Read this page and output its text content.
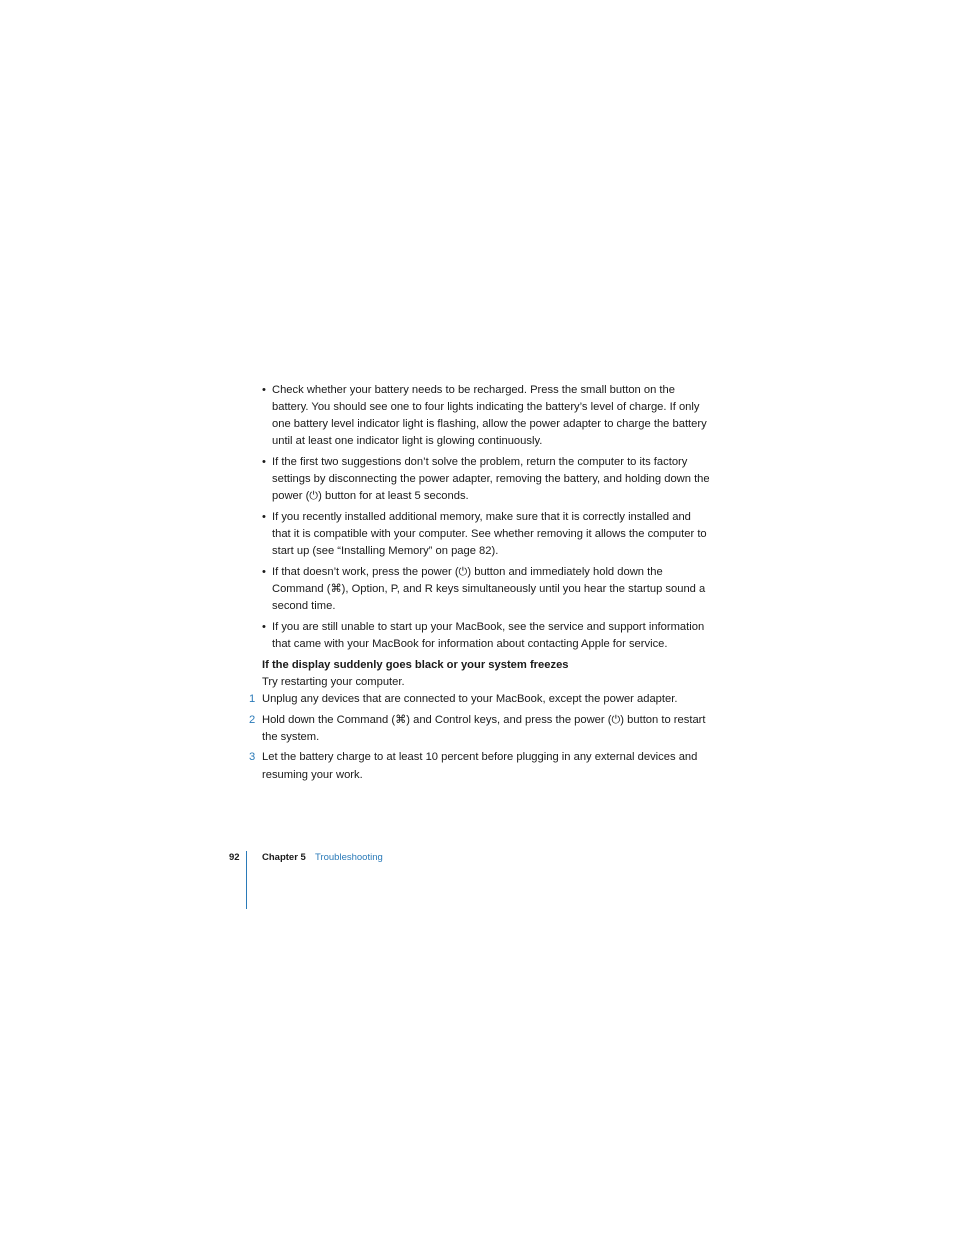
• Check whether your battery needs to be recharged. Press the small button on the battery. You should see one to four lights indicating the battery’s level of charge. If only one battery level indicator light is flashing, allow the power adapter to charge the battery until at least one indicator light is glowing continuously.
• If the first two suggestions don’t solve the problem, return the computer to its factory settings by disconnecting the power adapter, removing the battery, and holding down the power (⏻) button for at least 5 seconds.
• If you recently installed additional memory, make sure that it is correctly installed and that it is compatible with your computer. See whether removing it allows the computer to start up (see “Installing Memory” on page 82).
• If that doesn’t work, press the power (⏻) button and immediately hold down the Command (⌘), Option, P, and R keys simultaneously until you hear the startup sound a second time.
• If you are still unable to start up your MacBook, see the service and support information that came with your MacBook for information about contacting Apple for service.
If the display suddenly goes black or your system freezes
Try restarting your computer.
1 Unplug any devices that are connected to your MacBook, except the power adapter.
2 Hold down the Command (⌘) and Control keys, and press the power (⏻) button to restart the system.
3 Let the battery charge to at least 10 percent before plugging in any external devices and resuming your work.
92 Chapter 5 Troubleshooting
